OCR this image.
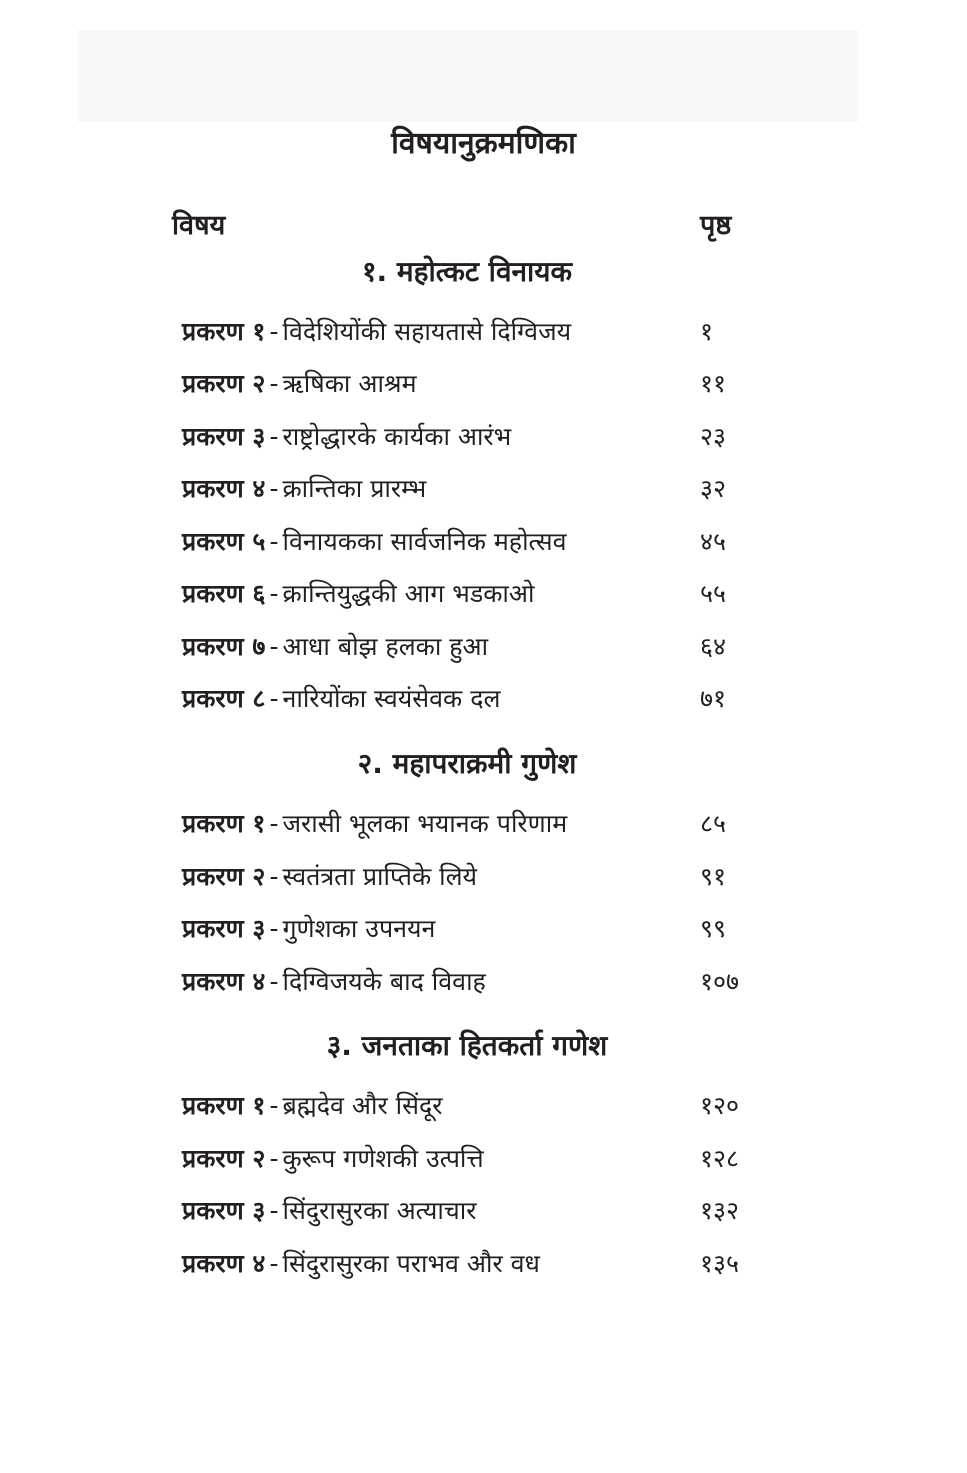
विषयानुक्रमणिका
विषय	पृष्ठ
१. महोत्कट विनायक
प्रकरण १ - विदेशियोंकी सहायतासे दिग्विजय	१
प्रकरण २ - ऋषिका आश्रम	११
प्रकरण ३ - राष्ट्रोद्धारके कार्यका आरंभ	२३
प्रकरण ४ - क्रान्तिका प्रारम्भ	३२
प्रकरण ५ - विनायकका सार्वजनिक महोत्सव	४५
प्रकरण ६ - क्रान्तियुद्धकी आग भडकाओ	५५
प्रकरण ७ - आधा बोझ हलका हुआ	६४
प्रकरण ८ - नारियोंका स्वयंसेवक दल	७१
२. महापराक्रमी गुणेश
प्रकरण १ - जरासी भूलका भयानक परिणाम	८५
प्रकरण २ - स्वतंत्रता प्राप्तिके लिये	९१
प्रकरण ३ - गुणेशका उपनयन	९९
प्रकरण ४ - दिग्विजयके बाद विवाह	१०७
३. जनताका हितकर्ता गणेश
प्रकरण १ - ब्रह्मदेव और सिंदूर	१२०
प्रकरण २ - कुरूप गणेशकी उत्पत्ति	१२८
प्रकरण ३ - सिंदुरासुरका अत्याचार	१३२
प्रकरण ४ - सिंदुरासुरका पराभव और वध	१३५
